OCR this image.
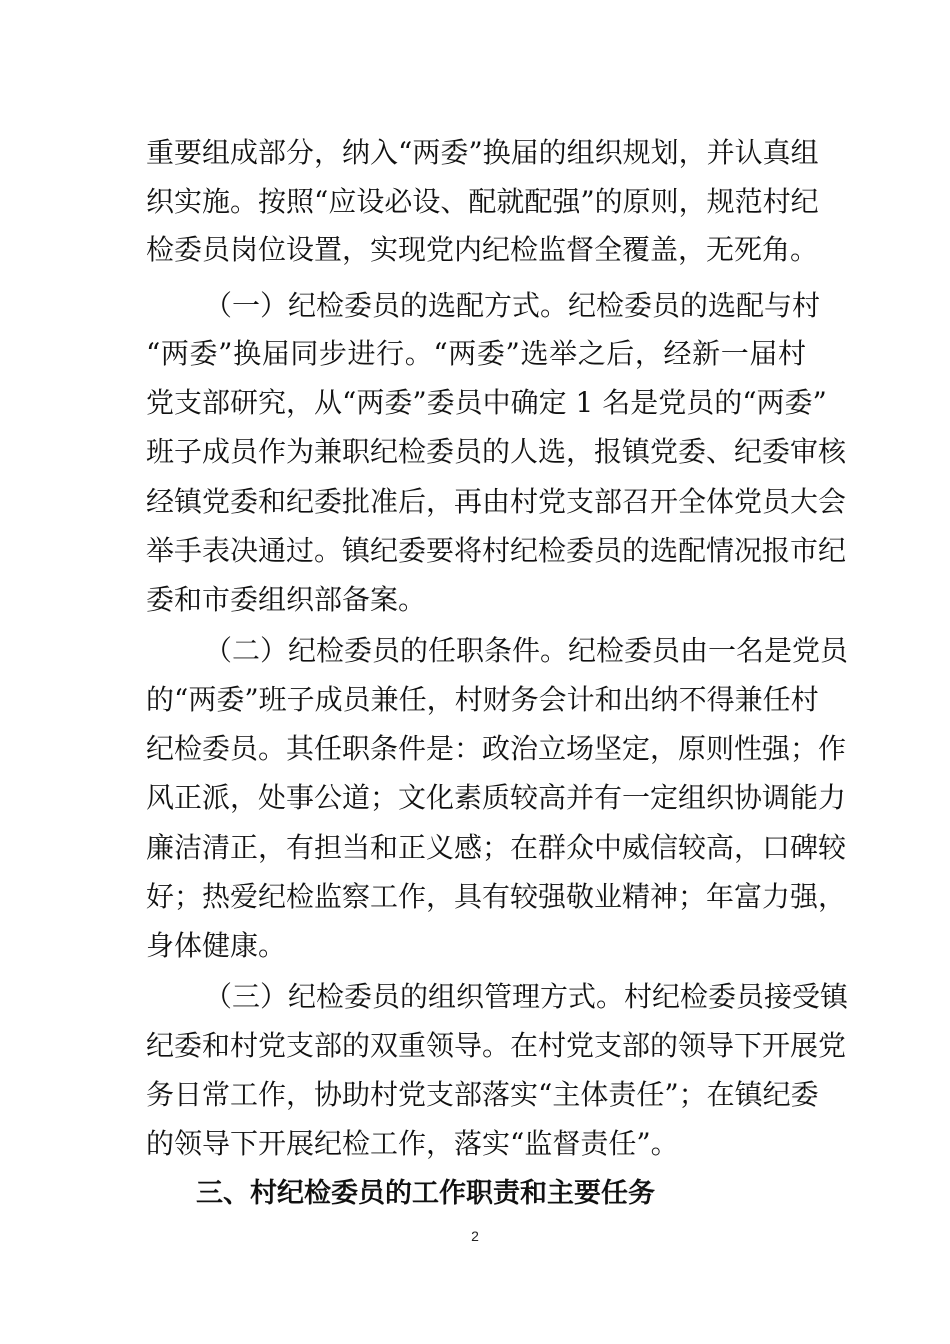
重要组成部分，纳入“两委”换届的组织规划，并认真组
织实施。按照“应设必设、配就配强”的原则，规范村纪
检委员岗位设置，实现党内纪检监督全覆盖，无死角。
（一）纪检委员的选配方式。纪检委员的选配与村
“两委”换届同步进行。“两委”选举之后，经新一届村
党支部研究，从“两委”委员中确定 1 名是党员的“两委”
班子成员作为兼职纪检委员的人选，报镇党委、纪委审核
经镇党委和纪委批准后，再由村党支部召开全体党员大会
举手表决通过。镇纪委要将村纪检委员的选配情况报市纪
委和市委组织部备案。
（二）纪检委员的任职条件。纪检委员由一名是党员
的“两委”班子成员兼任，村财务会计和出纳不得兼任村
纪检委员。其任职条件是：政治立场坚定，原则性强；作
风正派，处事公道；文化素质较高并有一定组织协调能力
廉洁清正，有担当和正义感；在群众中威信较高，口碑较
好；热爱纪检监察工作，具有较强敬业精神；年富力强，
身体健康。
（三）纪检委员的组织管理方式。村纪检委员接受镇
纪委和村党支部的双重领导。在村党支部的领导下开展党
务日常工作，协助村党支部落实“主体责任”；在镇纪委
的领导下开展纪检工作，落实“监督责任”。
三、村纪检委员的工作职责和主要任务
2
